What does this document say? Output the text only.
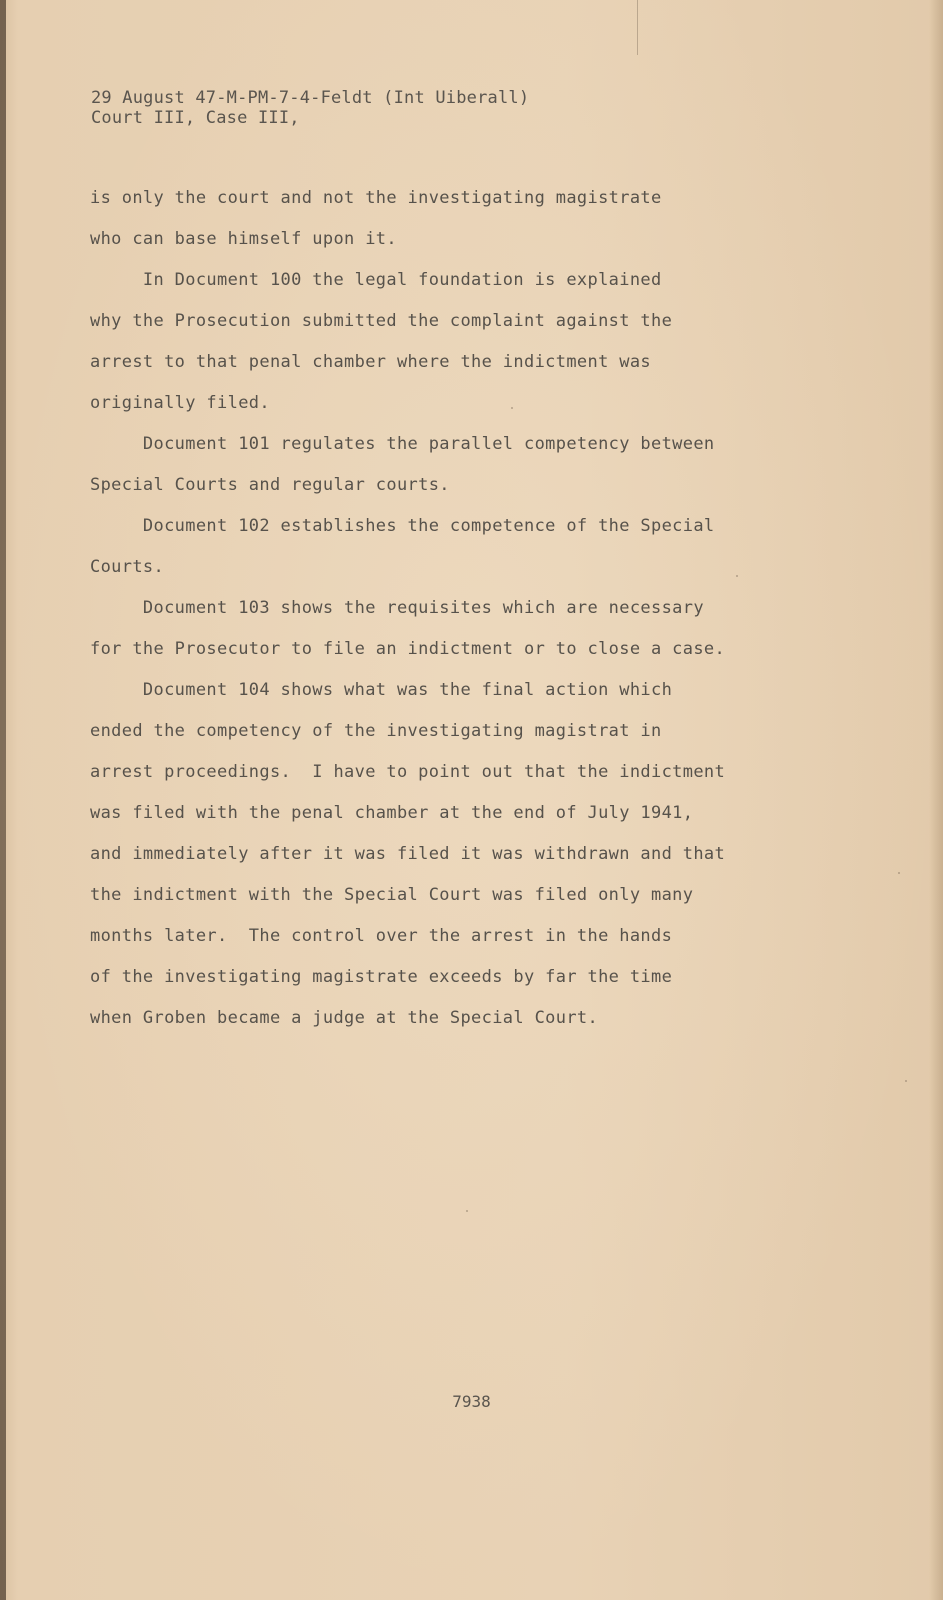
29 August 47-M-PM-7-4-Feldt (Int Uiberall)
Court III, Case III,
is only the court and not the investigating magistrate
who can base himself upon it.
In Document 100 the legal foundation is explained
why the Prosecution submitted the complaint against the
arrest to that penal chamber where the indictment was
originally filed.
Document 101 regulates the parallel competency between
Special Courts and regular courts.
Document 102 establishes the competence of the Special
Courts.
Document 103 shows the requisites which are necessary
for the Prosecutor to file an indictment or to close a case.
Document 104 shows what was the final action which
ended the competency of the investigating magistrat in
arrest proceedings.  I have to point out that the indictment
was filed with the penal chamber at the end of July 1941,
and immediately after it was filed it was withdrawn and that
the indictment with the Special Court was filed only many
months later.  The control over the arrest in the hands
of the investigating magistrate exceeds by far the time
when Groben became a judge at the Special Court.
7938
